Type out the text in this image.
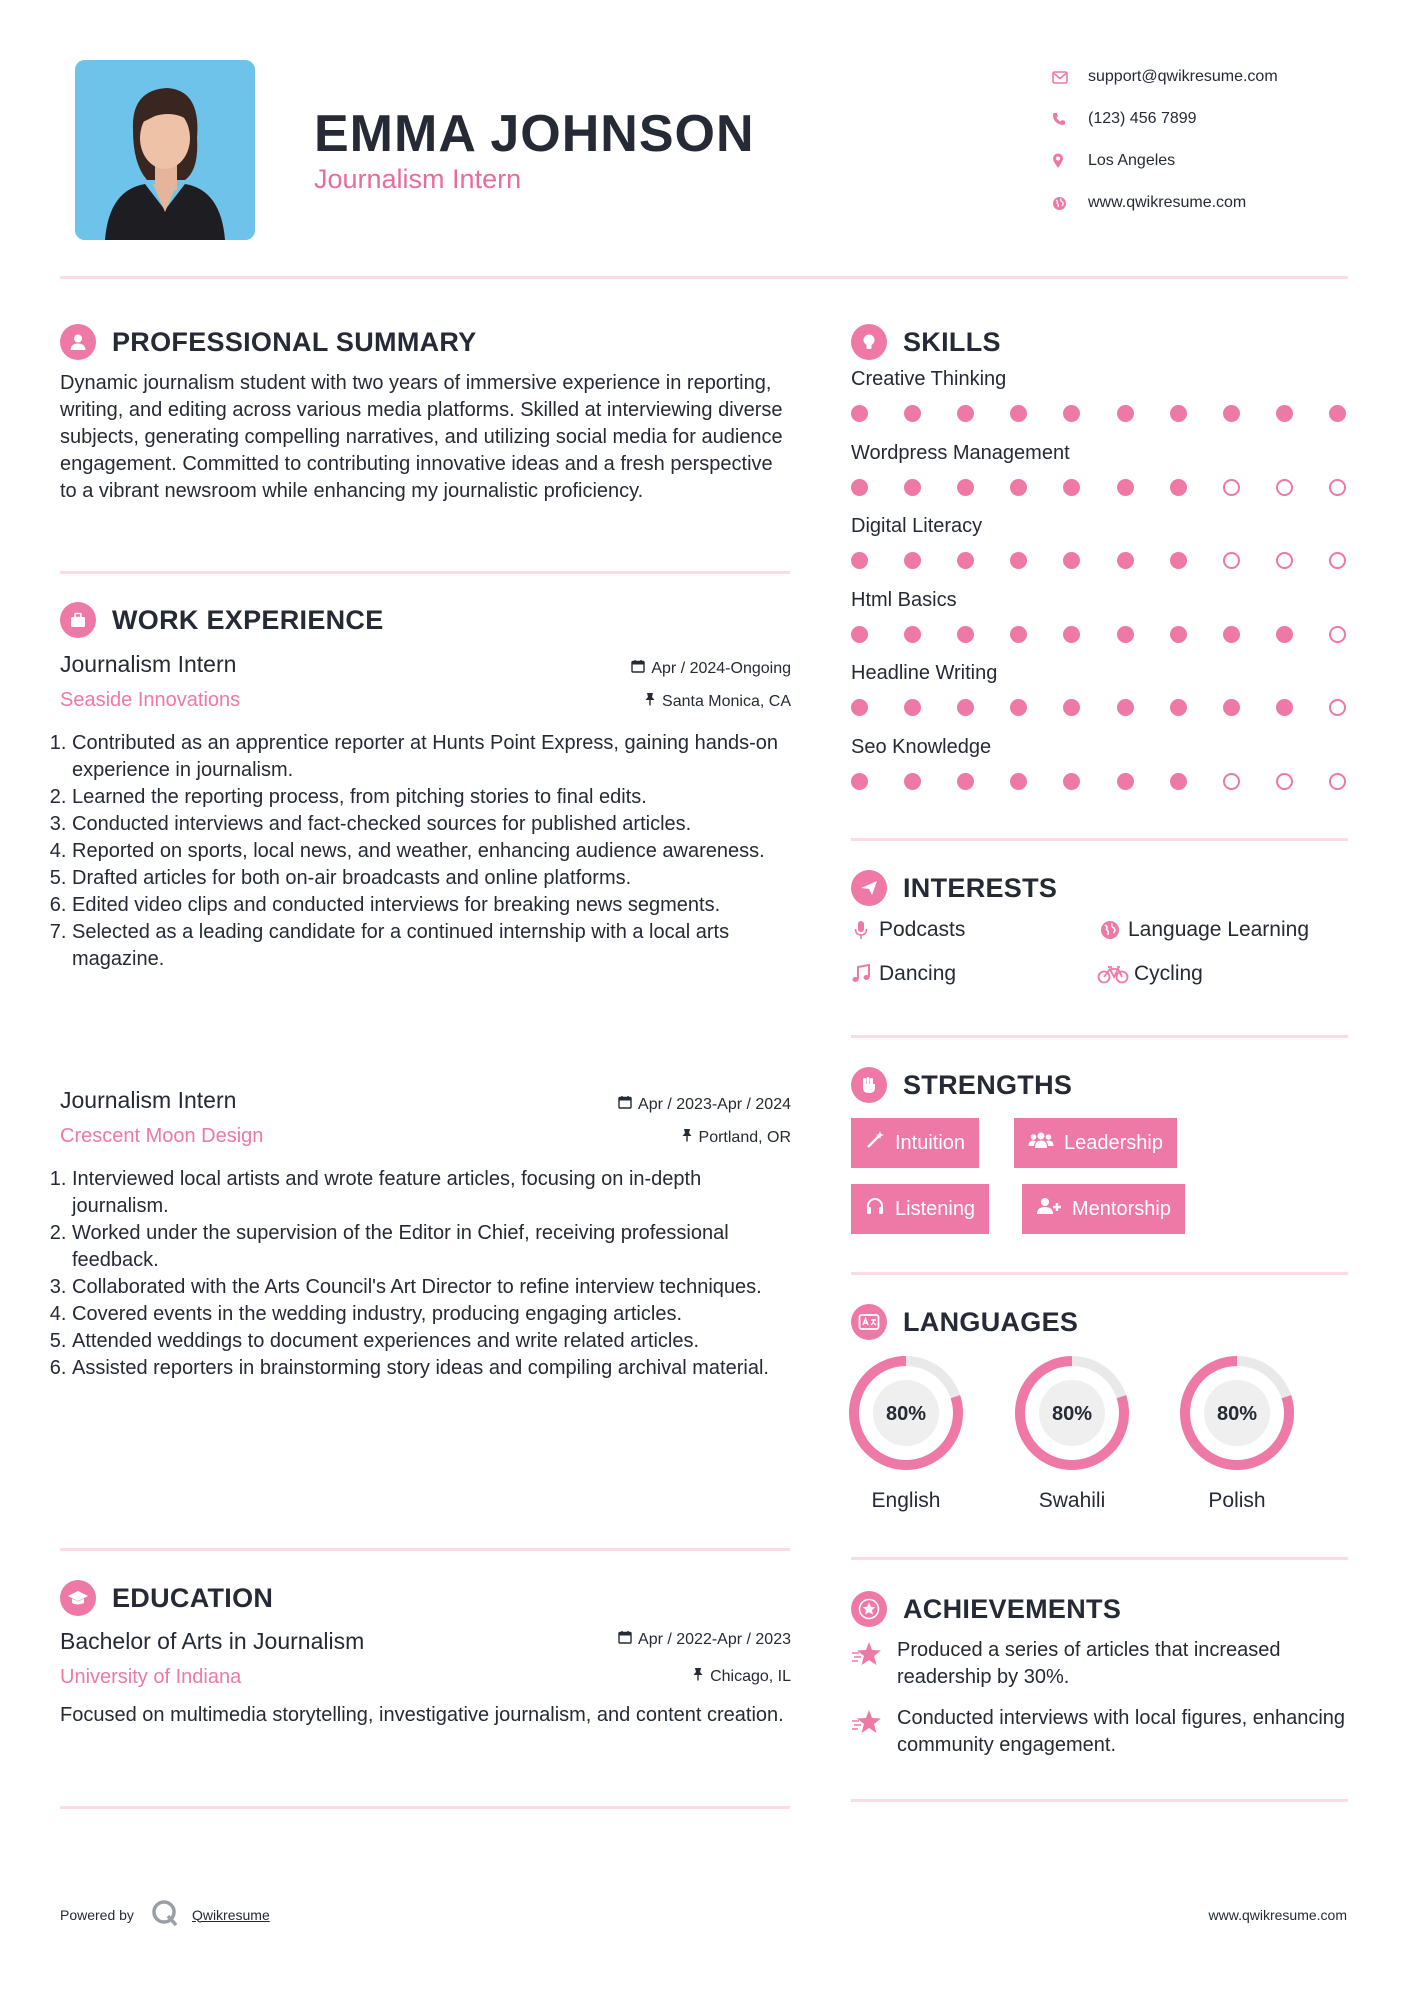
EMMA JOHNSON
Journalism Intern
support@qwikresume.com
(123) 456 7899
Los Angeles
www.qwikresume.com
PROFESSIONAL SUMMARY
Dynamic journalism student with two years of immersive experience in reporting, writing, and editing across various media platforms. Skilled at interviewing diverse subjects, generating compelling narratives, and utilizing social media for audience engagement. Committed to contributing innovative ideas and a fresh perspective to a vibrant newsroom while enhancing my journalistic proficiency.
WORK EXPERIENCE
Journalism Intern	Apr / 2024-Ongoing
Seaside Innovations	Santa Monica, CA
1. Contributed as an apprentice reporter at Hunts Point Express, gaining hands-on experience in journalism.
2. Learned the reporting process, from pitching stories to final edits.
3. Conducted interviews and fact-checked sources for published articles.
4. Reported on sports, local news, and weather, enhancing audience awareness.
5. Drafted articles for both on-air broadcasts and online platforms.
6. Edited video clips and conducted interviews for breaking news segments.
7. Selected as a leading candidate for a continued internship with a local arts magazine.
Journalism Intern	Apr / 2023-Apr / 2024
Crescent Moon Design	Portland, OR
1. Interviewed local artists and wrote feature articles, focusing on in-depth journalism.
2. Worked under the supervision of the Editor in Chief, receiving professional feedback.
3. Collaborated with the Arts Council's Art Director to refine interview techniques.
4. Covered events in the wedding industry, producing engaging articles.
5. Attended weddings to document experiences and write related articles.
6. Assisted reporters in brainstorming story ideas and compiling archival material.
EDUCATION
Bachelor of Arts in Journalism	Apr / 2022-Apr / 2023
University of Indiana	Chicago, IL
Focused on multimedia storytelling, investigative journalism, and content creation.
SKILLS
Creative Thinking
Wordpress Management
Digital Literacy
Html Basics
Headline Writing
Seo Knowledge
INTERESTS
Podcasts	Language Learning
Dancing	Cycling
STRENGTHS
Intuition	Leadership
Listening	Mentorship
LANGUAGES
80%
English
80%
Swahili
80%
Polish
ACHIEVEMENTS
Produced a series of articles that increased readership by 30%.
Conducted interviews with local figures, enhancing community engagement.
Powered by	Qwikresume	www.qwikresume.com
